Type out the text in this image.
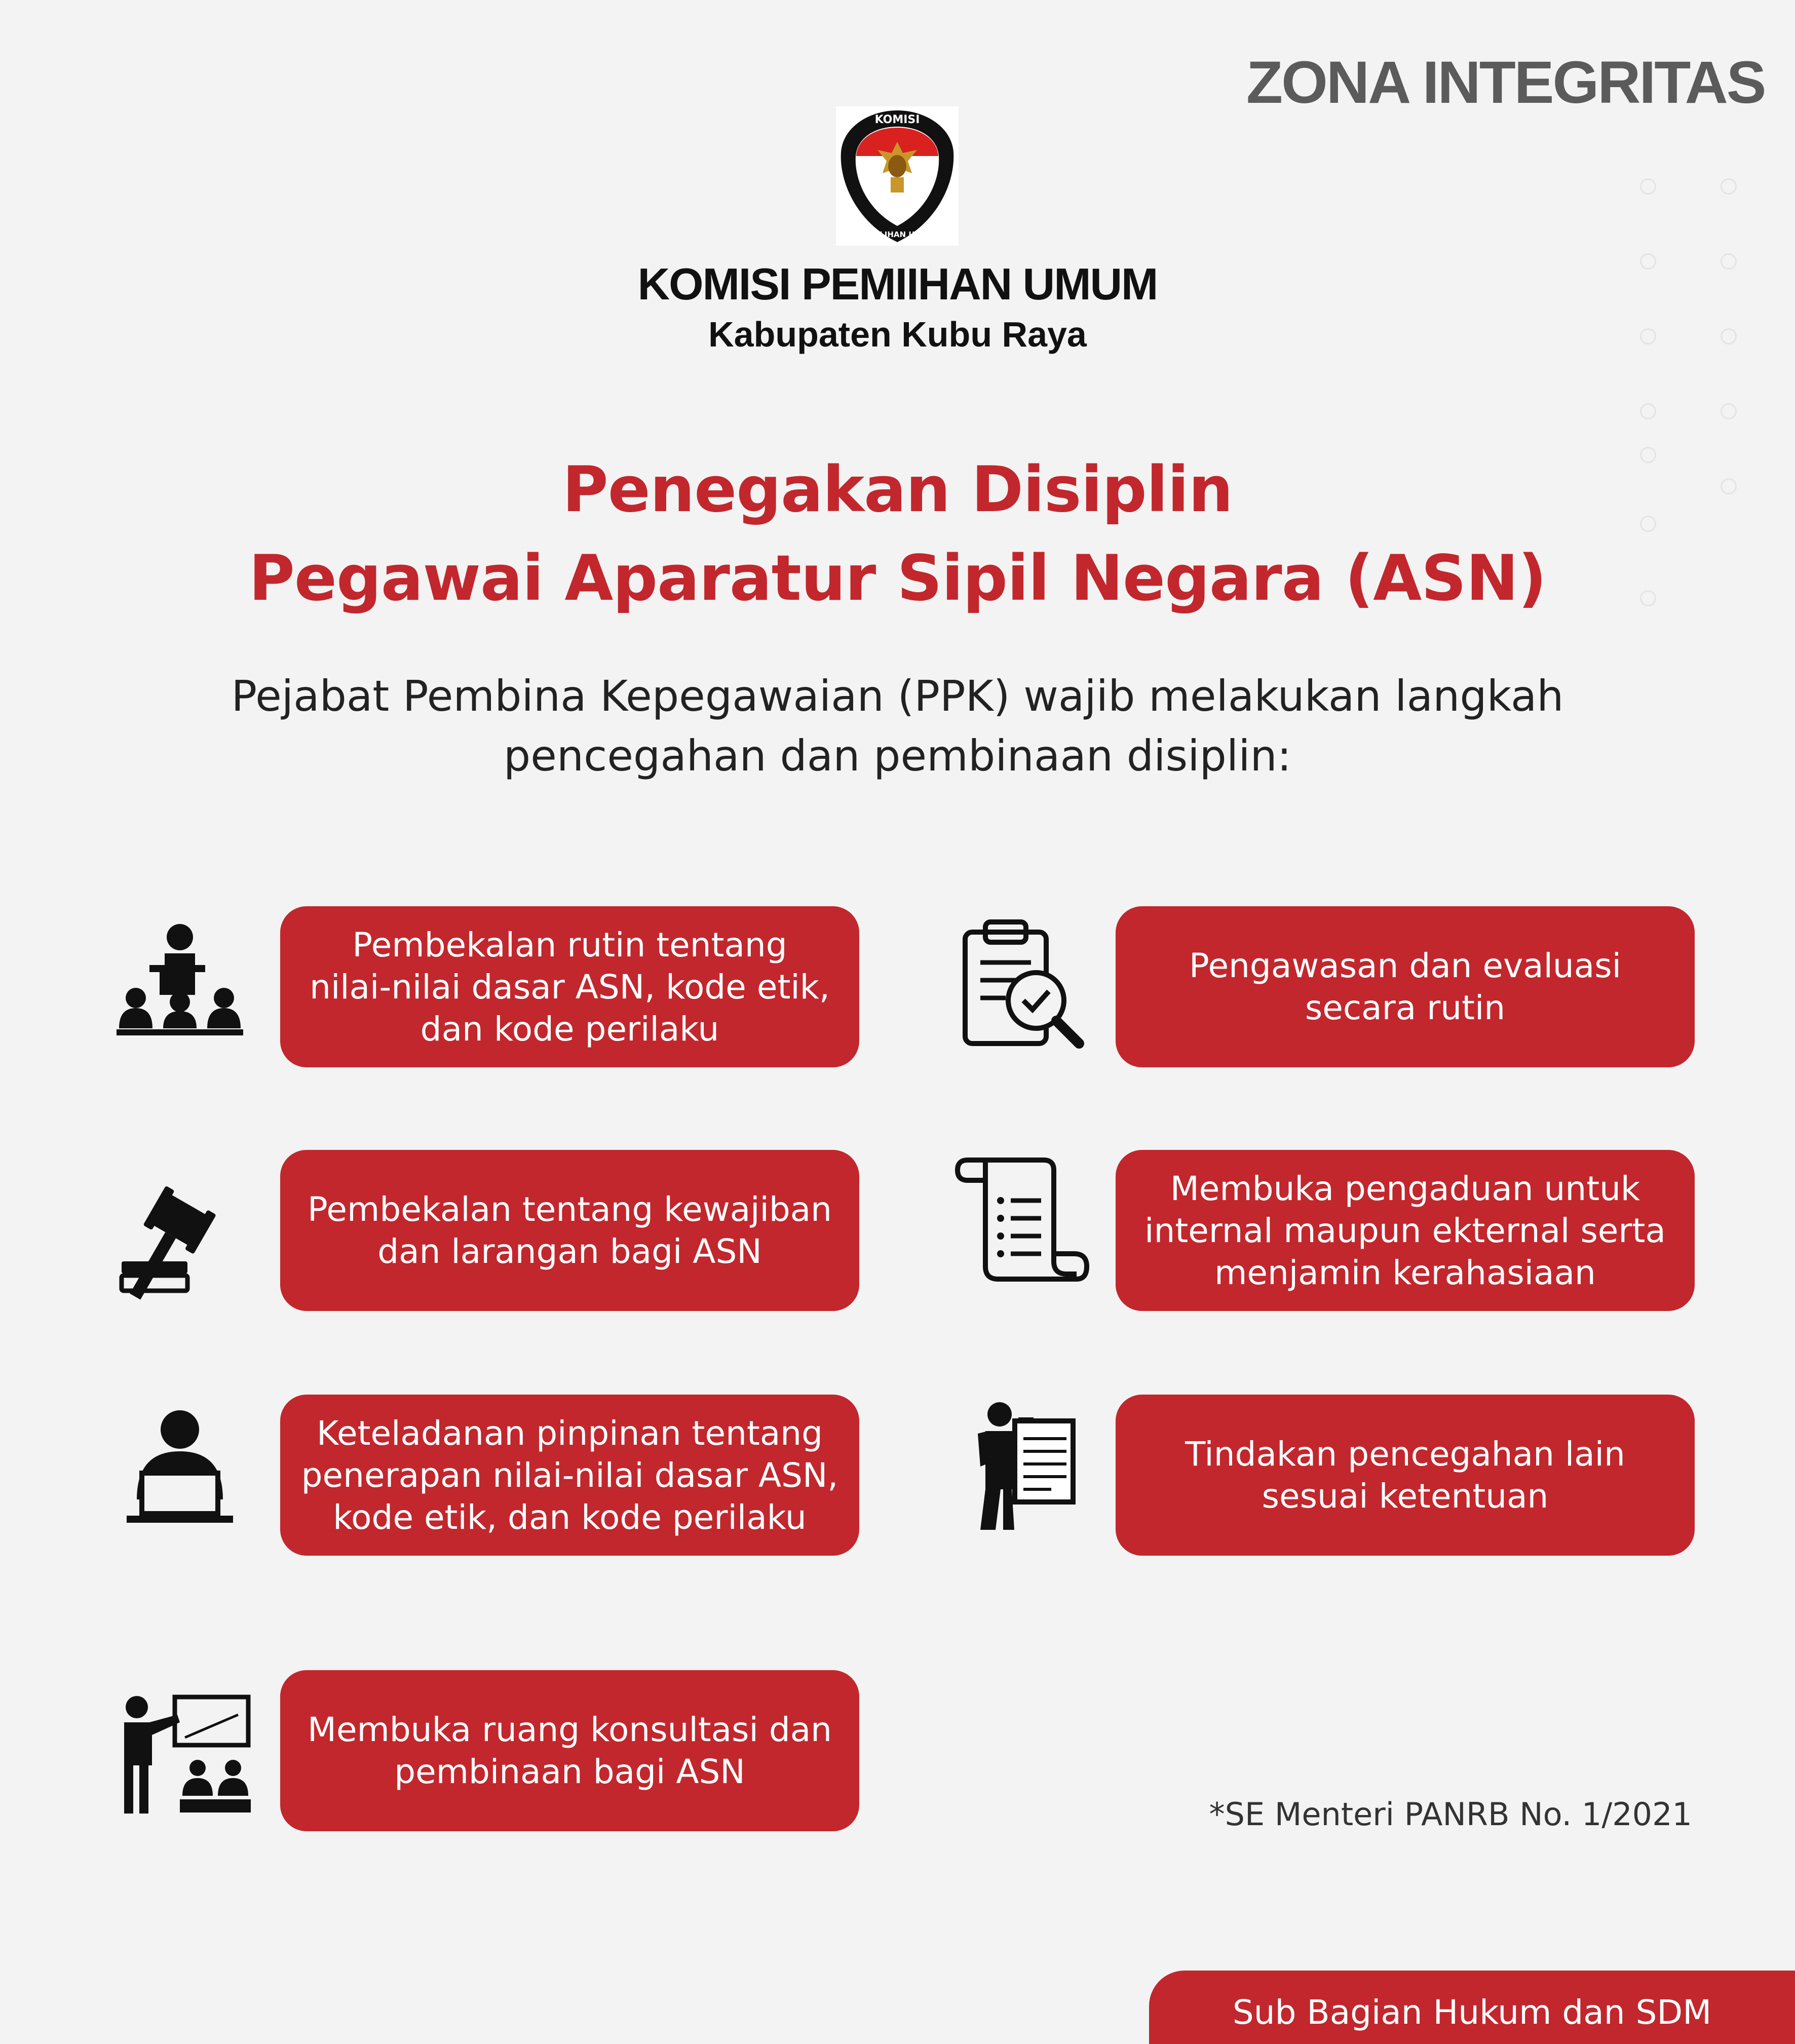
ZONA INTEGRITAS
KOMISI
PEMILIHAN UMUM
KOMISI PEMIIHAN UMUM
Kabupaten Kubu Raya
Penegakan Disiplin
Pegawai Aparatur Sipil Negara (ASN)
Pejabat Pembina Kepegawaian (PPK) wajib melakukan langkah
pencegahan dan pembinaan disiplin:
Pembekalan rutin tentang
nilai-nilai dasar ASN, kode etik,
dan kode perilaku
Pengawasan dan evaluasi
secara rutin
Pembekalan tentang kewajiban
dan larangan bagi ASN
Membuka pengaduan untuk
internal maupun ekternal serta
menjamin kerahasiaan
Keteladanan pinpinan tentang
penerapan nilai-nilai dasar ASN,
kode etik, dan kode perilaku
Tindakan pencegahan lain
sesuai ketentuan
Membuka ruang konsultasi dan
pembinaan bagi ASN
*SE Menteri PANRB No. 1/2021
Sub Bagian Hukum dan SDM
